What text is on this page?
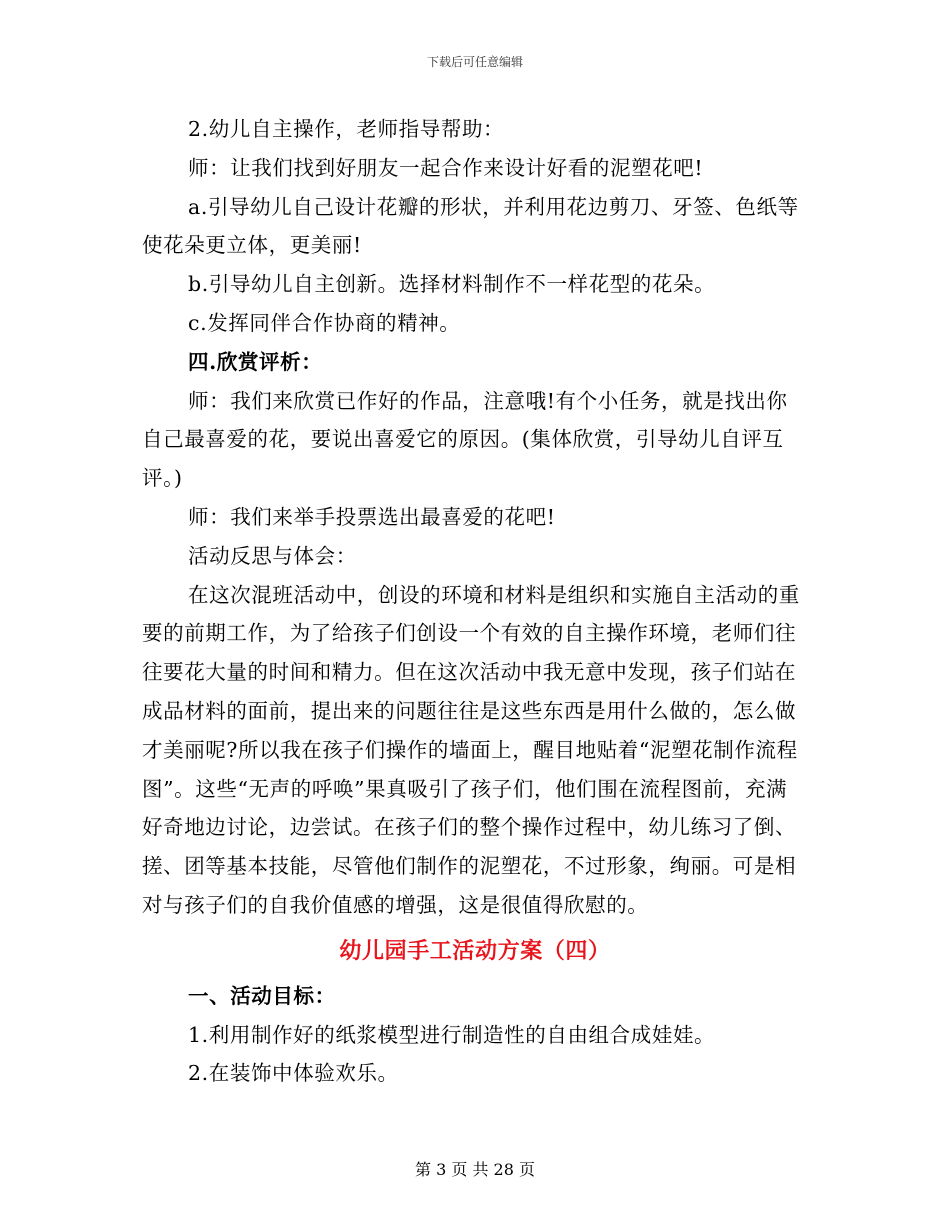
下载后可任意编辑

2.幼儿自主操作，老师指导帮助：

师：让我们找到好朋友一起合作来设计好看的泥塑花吧!

a.引导幼儿自己设计花瓣的形状，并利用花边剪刀、牙签、色纸等使花朵更立体，更美丽!

b.引导幼儿自主创新。选择材料制作不一样花型的花朵。

c.发挥同伴合作协商的精神。

四.欣赏评析：

师：我们来欣赏已作好的作品，注意哦!有个小任务，就是找出你自己最喜爱的花，要说出喜爱它的原因。(集体欣赏，引导幼儿自评互评。)

师：我们来举手投票选出最喜爱的花吧!

活动反思与体会：

在这次混班活动中，创设的环境和材料是组织和实施自主活动的重要的前期工作，为了给孩子们创设一个有效的自主操作环境，老师们往往要花大量的时间和精力。但在这次活动中我无意中发现，孩子们站在成品材料的面前，提出来的问题往往是这些东西是用什么做的，怎么做才美丽呢?所以我在孩子们操作的墙面上，醒目地贴着“泥塑花制作流程图”。这些“无声的呼唤”果真吸引了孩子们，他们围在流程图前，充满好奇地边讨论，边尝试。在孩子们的整个操作过程中，幼儿练习了倒、搓、团等基本技能，尽管他们制作的泥塑花，不过形象，绚丽。可是相对与孩子们的自我价值感的增强，这是很值得欣慰的。

幼儿园手工活动方案（四）

一、活动目标：

1.利用制作好的纸浆模型进行制造性的自由组合成娃娃。

2.在装饰中体验欢乐。

第 3 页 共 28 页
